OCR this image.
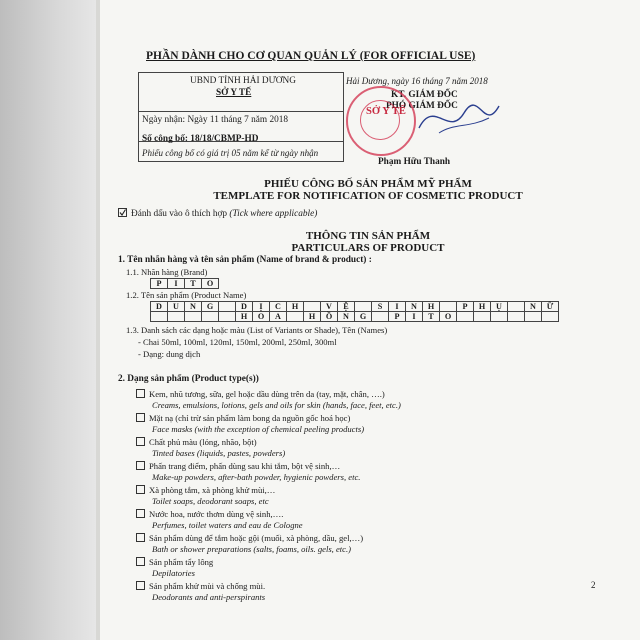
PHẦN DÀNH CHO CƠ QUAN QUẢN LÝ (FOR OFFICIAL USE)
UBND TỈNH HẢI DƯƠNG
SỞ Y TẾ
Ngày nhận: Ngày 11 tháng 7 năm 2018
Số công bố: 18/18/CBMP-HD
Phiếu công bố có giá trị 05 năm kể từ ngày nhận
Hải Dương, ngày 16 tháng 7 năm 2018
KT. GIÁM ĐỐC
PHÓ GIÁM ĐỐC
SỞ Y TẾ
Phạm Hữu Thanh
PHIẾU CÔNG BỐ SẢN PHẨM MỸ PHẨM
TEMPLATE FOR NOTIFICATION OF COSMETIC PRODUCT
Đánh dấu vào ô thích hợp (Tick where applicable)
THÔNG TIN SẢN PHẨM
PARTICULARS OF PRODUCT
1. Tên nhãn hàng và tên sản phẩm (Name of brand & product) :
1.1. Nhãn hàng (Brand)
P	I	T	O
1.2. Tên sản phẩm (Product Name)
D	U	N	G		D	Ị	C	H		V	Ệ		S	I	N	H		P	H	Ụ		N	Ữ
					H	O	A		H	Ồ	N	G		P	I	T	O						
1.3. Danh sách các dạng hoặc màu (List of Variants or Shade), Tên (Names)
- Chai 50ml, 100ml, 120ml, 150ml, 200ml, 250ml, 300ml
- Dạng: dung dịch
2. Dạng sản phẩm (Product type(s))
Kem, nhũ tương, sữa, gel hoặc dầu dùng trên da (tay, mặt, chân, ….)
Creams, emulsions, lotions, gels and oils for skin (hands, face, feet, etc.)
Mặt nạ (chỉ trừ sản phẩm làm bong da nguồn gốc hoá học)
Face masks (with the exception of chemical peeling products)
Chất phủ màu (lỏng, nhão, bột)
Tinted bases (liquids, pastes, powders)
Phấn trang điểm, phấn dùng sau khi tắm, bột vệ sinh,…
Make-up powders, after-bath powder, hygienic powders, etc.
Xà phòng tắm, xà phòng khử mùi,…
Toilet soaps, deodorant soaps, etc
Nước hoa, nước thơm dùng vệ sinh,….
Perfumes, toilet waters and eau de Cologne
Sản phẩm dùng để tắm hoặc gội (muối, xà phòng, dầu, gel,…)
Bath or shower preparations (salts, foams, oils. gels, etc.)
Sản phẩm tẩy lông
Depilatories
Sản phẩm khử mùi và chống mùi.
Deodorants and anti-perspirants
2
